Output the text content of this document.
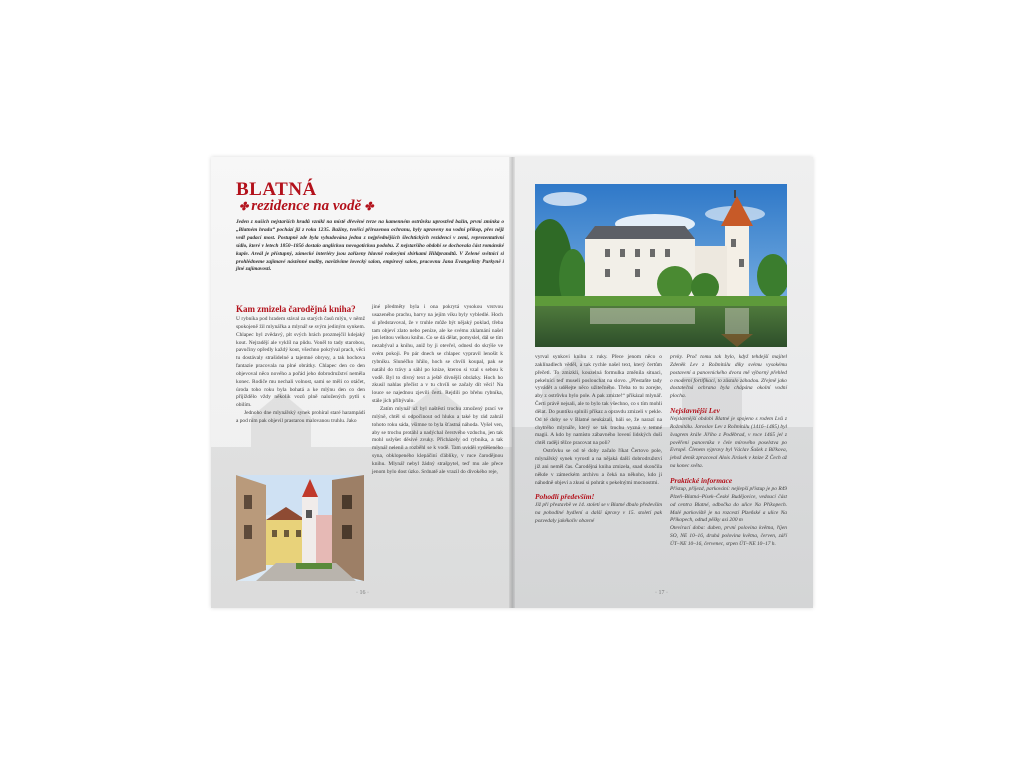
BLATNÁ
✤ rezidence na vodě ✤
Jeden z našich nejstarších hradů vznikl na místě dřevěné tvrze na kamenném ostrůvku uprostřed bažin, první zmínka o „Blatném hradu“ pochází již z roku 1235. Bažiny, tvořící přirozenou ochranu, byly upraveny na vodní příkop, přes nějž vedl padací most. Postupně zde byla vybudována jedna z nejpřednějších šlechtických rezidencí v zemi, reprezentativní sídlo, které v letech 1850–1856 dostalo anglickou novogotickou podobu. Z nejstaršího období se dochovala část románské kaple. Areál je přístupný, zámecké interiéry jsou zařízeny hlavně rodovými sbírkami Hildprandtů. V Zelené světnici si prohlédneme zajímavé nástěnné malby, navštívíme lovecký salon, empírový salon, pracovnu Jana Evangelisty Purkyně i jiné zajímavosti.
Kam zmizela čarodějná kniha?

U rybníka pod hradem stával za starých časů mlýn, v němž spokojeně žil mlynářka a mlynář se svým jediným synkem. Chlapec byl zvědavý, plt svých hrách prozmejčil kdejaký kout. Nejradějí ale vyklíl na půdu. Voněl to tady starobou, pavučiny opředly každý kout, všechno pokrýval prach, věci tu dostávaly strašidelné a tajemné obrysy, a tak hochova fantazie pracovala na plné obrátky. Chlapec den co den objevoval něco nového a pořád jeho dobrodružství neměla konec. Rodiče mu nechali volnost, sami se měli co otáčet, úroda toho roku byla bohatá a ke mlýnu den co den přijíždělo vždy několik vozů plně naložených pytli s obilím.

Jednoho dne mlynářský synek prohíral staré harampádí a pod ním pak objevil prastarou malovanou truhlu. Jako

jiné předměty byla i ona pokrytá vysokou vrstvou usazeného prachu, barvy na jejím víku byly vybledlé. Hoch si představoval, že v truhle může být nějaký poklad, třeba tam objeví zlato nebo peníze, ale ke svému zklamání našel jen letitou velkou knihu. Co se dá dělat, pomyslel, dál se tím nezabýval a knihu, aniž by ji otevřel, odnesl do skrýše ve svém pokoji. Po pár dnech se chlapec vypravil lenošit k rybníku. Slunéčko hřálo, hoch se chvíli koupal, pak se natáhl do trávy a sáhl po knize, kterou si vzal s sebou k vodě. Byl to divný text a ještě divnější obrázky. Hoch ho zkusil nahlas přečíst a v tu chvíli se začaly dít věci! Na louce se najednou zjevili čerti. Rejdili po břehu rybníka, stále jich přibývalo.

Zatím mlynář už byl naštěstí trochu zmožený prací ve mlýně, chtěl si odpočinout od hluku a také by rád zahrál tohoto roku sáda, všimne to byla šťastná náhoda. Vyšel ven, aby se trochu protáhl a nadýchal čerstvého vzduchu, jen tak mohl uslyšet děsivé zvuky. Přicházely od rybníka, a tak mlynář nelenil a rozběhl se k vodě. Tam uviděl vyděšeného syna, obklopeného klepáčiní ďáblíky, v ruce čarodějnou knihu. Mlynář nebyl žádný strašpytel, teď mu ale přece jenom bylo dost úzko. Srdnatě ale vrazil do divokého reje,

· 16 ·

vyrval synkovi knihu z ruky. Přece jenom něco o zaklínadlech věděl, a tak rychle našel text, který čertům přečetl. To zmizkli, kouzelná formulka změnila situaci, pekelníci teď museli poslouchat na slovo. „Přestaňte tady vyvádět a udělejte něco užitečného. Třeba to tu zorejte, aby z ostrůvku bylo pole. A pak zmizte!“ přikázal mlynář. Čerti právě nejsali, ale to bylo tak všechno, co s tím mohli dělat. Do puntíku splnili příkaz a opravdu zmizeli v pekle. Od té doby se v Blatné neukázali, báli se, že narazí na chytrého mlynáře, který se tak trochu vyzná v temné magii. A kdo by namísto zábavného lovení lidských duší chtěl raději těžce pracovat na poli?

Ostrůvku se od té doby začalo říkat Čertovo pole, mlynářský synek vyrostl a na nějaká další dobrodružství již ani neměl čas. Čarodějná kniha zmizela, snad skončila někde v zámeckém archivu a čeká na někoho, kdo ji náhodně objeví a zkusí si pohrát s pekelnými mocnostmi.

Pohodlí především!

Již při přestavbě ve 14. století se v Blatné dbalo především na pohodlné bydlení a další úpravy v 15. století pak pozvedaly jakékoliv obavné

prvky. Proč tomu tak bylo, když tehdejší majitel Zdeněk Lev z Rožmitálu díky svému vysokému postavení a panovnického dvora mě výborný přehled o moderní fortifikaci, to zůstalo záhadou. Zřejmě jako dostatečná ochrana byla chápána okolní vodní plocha.

Nejslavnější Lev

Nejslavnější obdobi Blatné je spojeno s rodem Lvů z Rožmitálu. Jaroslav Lev z Rožmitálu (1416–1485) byl švagrem krále Jiřího z Poděbrad, v roce 1465 jel z pověření panovníka v čele mírového poselstva po Evropě. Členem výpravy byl Václav Šašek z Bířkova, jehož deník zpracoval Alois Jirásek v knize Z Čech až na konec světa.

Praktické informace

Přístup, příjezd, parkování: nejlepší přístup je po R49 Plzeň–Blatná–Písek–České Budějovice, vedoucí část od centra Blatné, odbočka do ulice Na Příkopech. Malé parkoviště je na rozcestí Plzeňské a ulice Na Příkopech, odtud pěšky asi 200 m

Otevírací doba: duben, první polovina května, říjen SO, NE 10–16, druhá polovina května, červen, září ÚT–NE 10–16, červenec, srpen ÚT–NE 10–17 h.

· 17 ·
